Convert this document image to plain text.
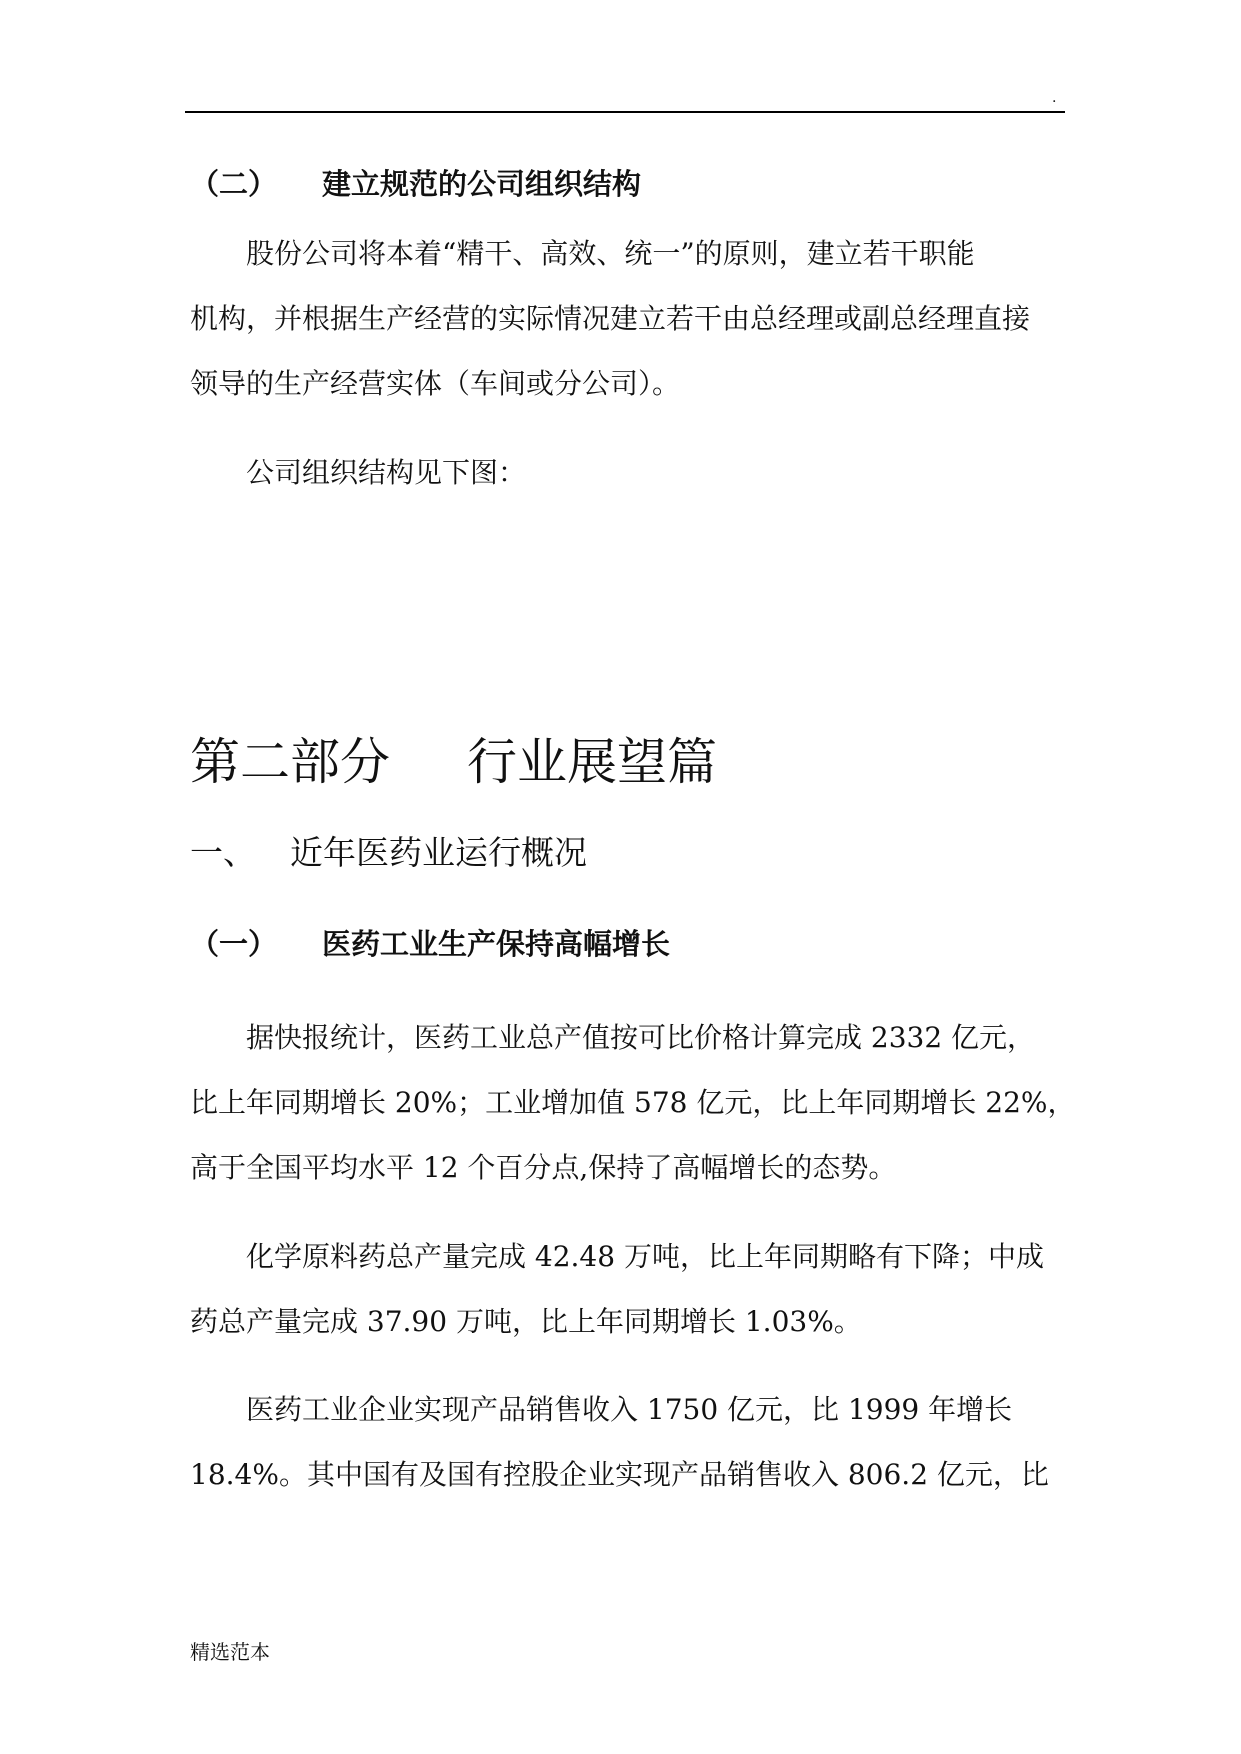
.
（二） 建立规范的公司组织结构
股份公司将本着“精干、高效、统一”的原则，建立若干职能
机构，并根据生产经营的实际情况建立若干由总经理或副总经理直接
领导的生产经营实体（车间或分公司）。
公司组织结构见下图：
第二部分 行业展望篇
一、 近年医药业运行概况
（一） 医药工业生产保持高幅增长
据快报统计，医药工业总产值按可比价格计算完成 2332 亿元，
比上年同期增长 20%；工业增加值 578 亿元，比上年同期增长 22%，
高于全国平均水平 12 个百分点,保持了高幅增长的态势。
化学原料药总产量完成 42.48 万吨，比上年同期略有下降；中成
药总产量完成 37.90 万吨，比上年同期增长 1.03%。
医药工业企业实现产品销售收入 1750 亿元，比 1999 年增长
18.4%。其中国有及国有控股企业实现产品销售收入 806.2 亿元，比
精选范本
